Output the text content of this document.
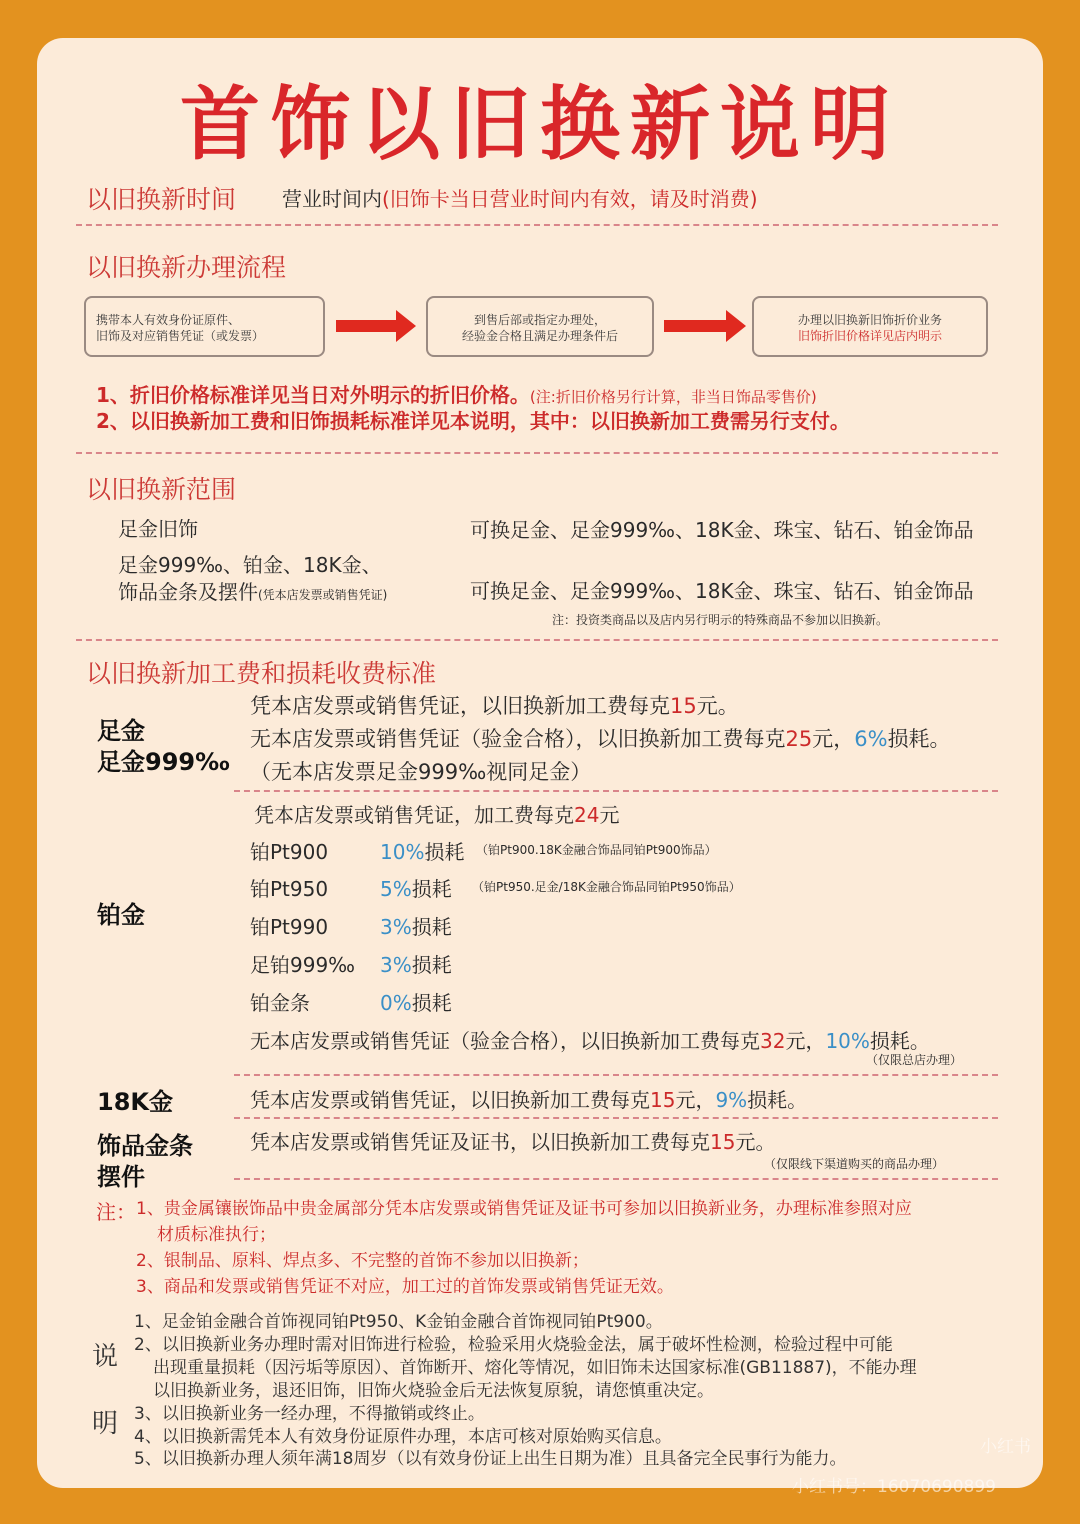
首饰以旧换新说明
以旧换新时间 营业时间内(旧饰卡当日营业时间内有效，请及时消费)
以旧换新办理流程
携带本人有效身份证原件、
旧饰及对应销售凭证（或发票）
到售后部或指定办理处，
经验金合格且满足办理条件后
办理以旧换新旧饰折价业务
旧饰折旧价格详见店内明示
1、折旧价格标准详见当日对外明示的折旧价格。(注:折旧价格另行计算，非当日饰品零售价)
2、以旧换新加工费和旧饰损耗标准详见本说明，其中：以旧换新加工费需另行支付。
以旧换新范围
足金旧饰	可换足金、足金999‰、18K金、珠宝、钻石、铂金饰品
足金999‰、铂金、18K金、
饰品金条及摆件(凭本店发票或销售凭证)	可换足金、足金999‰、18K金、珠宝、钻石、铂金饰品
注：投资类商品以及店内另行明示的特殊商品不参加以旧换新。
以旧换新加工费和损耗收费标准
足金
足金999‰
凭本店发票或销售凭证，以旧换新加工费每克15元。
无本店发票或销售凭证（验金合格），以旧换新加工费每克25元，6%损耗。
（无本店发票足金999‰视同足金）
铂金
凭本店发票或销售凭证，加工费每克24元
铂Pt900	10%损耗 （铂Pt900.18K金融合饰品同铂Pt900饰品）
铂Pt950	5%损耗 （铂Pt950.足金/18K金融合饰品同铂Pt950饰品）
铂Pt990	3%损耗
足铂999‰ 3%损耗
铂金条	0%损耗
无本店发票或销售凭证（验金合格），以旧换新加工费每克32元，10%损耗。
（仅限总店办理）
18K金	凭本店发票或销售凭证，以旧换新加工费每克15元，9%损耗。
饰品金条
摆件
凭本店发票或销售凭证及证书，以旧换新加工费每克15元。
（仅限线下渠道购买的商品办理）
注： 1、贵金属镶嵌饰品中贵金属部分凭本店发票或销售凭证及证书可参加以旧换新业务，办理标准参照对应
材质标准执行；
2、银制品、原料、焊点多、不完整的首饰不参加以旧换新；
3、商品和发票或销售凭证不对应，加工过的首饰发票或销售凭证无效。
说
明
1、足金铂金融合首饰视同铂Pt950、K金铂金融合首饰视同铂Pt900。
2、以旧换新业务办理时需对旧饰进行检验，检验采用火烧验金法，属于破坏性检测，检验过程中可能
出现重量损耗（因污垢等原因）、首饰断开、熔化等情况，如旧饰未达国家标准(GB11887)，不能办理
以旧换新业务，退还旧饰，旧饰火烧验金后无法恢复原貌，请您慎重决定。
3、以旧换新业务一经办理，不得撤销或终止。
4、以旧换新需凭本人有效身份证原件办理，本店可核对原始购买信息。
5、以旧换新办理人须年满18周岁（以有效身份证上出生日期为准）且具备完全民事行为能力。
小红书
小红书号：16070690899
